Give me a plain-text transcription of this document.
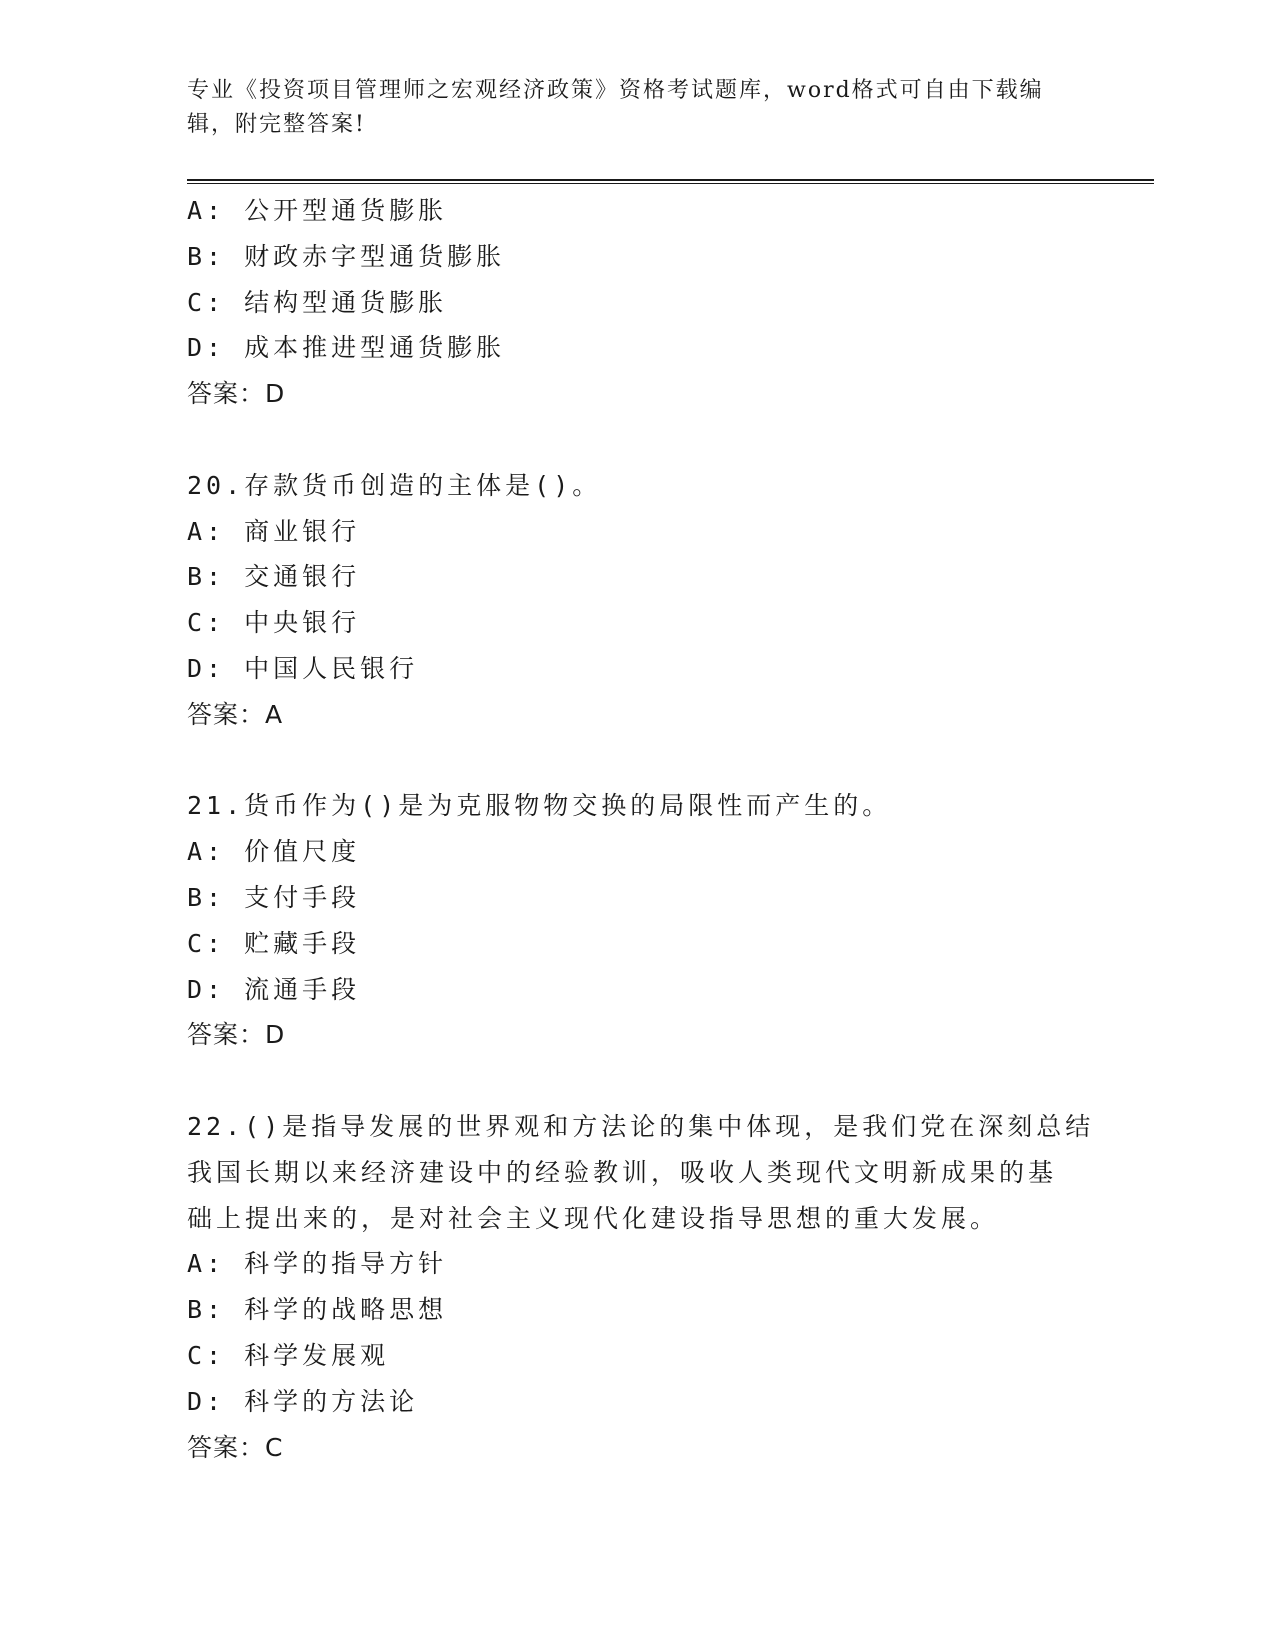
专业《投资项目管理师之宏观经济政策》资格考试题库，word格式可自由下载编辑，附完整答案!
A: 公开型通货膨胀
B: 财政赤字型通货膨胀
C: 结构型通货膨胀
D: 成本推进型通货膨胀
答案：D
20.存款货币创造的主体是()。
A: 商业银行
B: 交通银行
C: 中央银行
D: 中国人民银行
答案：A
21.货币作为()是为克服物物交换的局限性而产生的。
A: 价值尺度
B: 支付手段
C: 贮藏手段
D: 流通手段
答案：D
22.()是指导发展的世界观和方法论的集中体现，是我们党在深刻总结
我国长期以来经济建设中的经验教训，吸收人类现代文明新成果的基
础上提出来的，是对社会主义现代化建设指导思想的重大发展。
A: 科学的指导方针
B: 科学的战略思想
C: 科学发展观
D: 科学的方法论
答案：C
